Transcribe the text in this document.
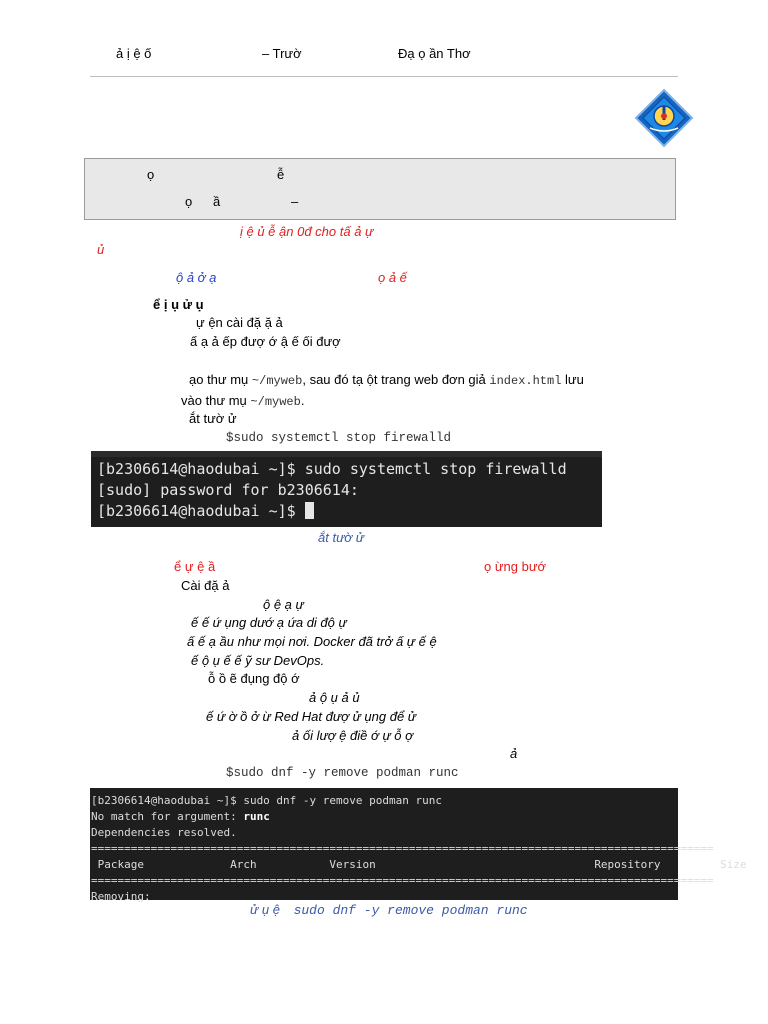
ả ị ệ ố	– Trườ	Đạ ọ ần Thơ
ọ	ễ
ọ ầ	–
ị ệ ủ ễ ận 0đ cho tấ ả ự
ủ
ộ ả ở ạ	ọ ả ế
ể ị ụ ử ụ
ự ện cài đặ ặ ả
ấ ạ ả ếp đượ ớ ậ ế ối đượ
ạo thư mụ ~/myweb, sau đó tạ ột trang web đơn giả index.html lưu
vào thư mụ ~/myweb.
ắt tườ ử
$sudo systemctl stop firewalld
[b2306614@haodubai ~]$ sudo systemctl stop firewalld
[sudo] password for b2306614:
[b2306614@haodubai ~]$
ắt tườ ử
ể ự ệ ầ	ọ ừng bướ
Cài đặ ả
ộ ệ ạ ự
ế ế ứ ụng dướ ạ ứa di độ ự
ấ ế ạ ầu như mọi nơi. Docker đã trở ấ ự ế ệ
ế ộ ụ ế ế ỹ sư DevOps.
ỗ ồ ẽ đụng độ ớ
ả ộ ụ ả ủ
ế ứ ờ ồ ở ừ Red Hat đượ ử ụng để ử
ả ối lượ ệ điề ớ ự ỗ ợ
ả
$sudo dnf -y remove podman runc
[b2306614@haodubai ~]$ sudo dnf -y remove podman runc
No match for argument: runc
Dependencies resolved.
==============================================================================================
Package             Arch           Version                                 Repository         Size
==============================================================================================
Removing:
ử ụ ệ sudo dnf -y remove podman runc
